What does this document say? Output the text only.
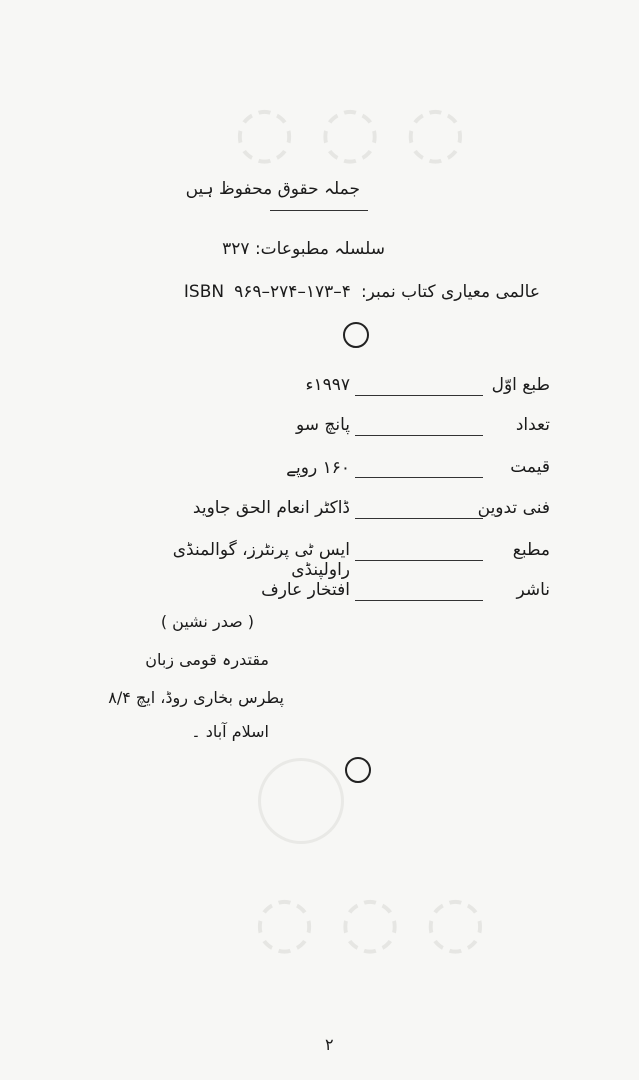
◌ ◌ ◌
◌ ◌ ◌
جملہ حقوق محفوظ ہیں
سلسلہ مطبوعات: ۳۲۷
عالمی معیاری کتاب نمبر:
۴–۱۷۳–۲۷۴–۹۶۹
ISBN
طبع اوّل
۱۹۹۷ء
تعداد
پانچ سو
قیمت
۱۶۰ روپے
فنی تدوین
ڈاکٹر انعام الحق جاوید
مطبع
ایس ٹی پرنٹرز، گوالمنڈی راولپنڈی
ناشر
افتخار عارف
( صدر نشین )
مقتدرہ قومی زبان
پطرس بخاری روڈ، ایچ ۸/۴
اسلام آباد ۔
۲
